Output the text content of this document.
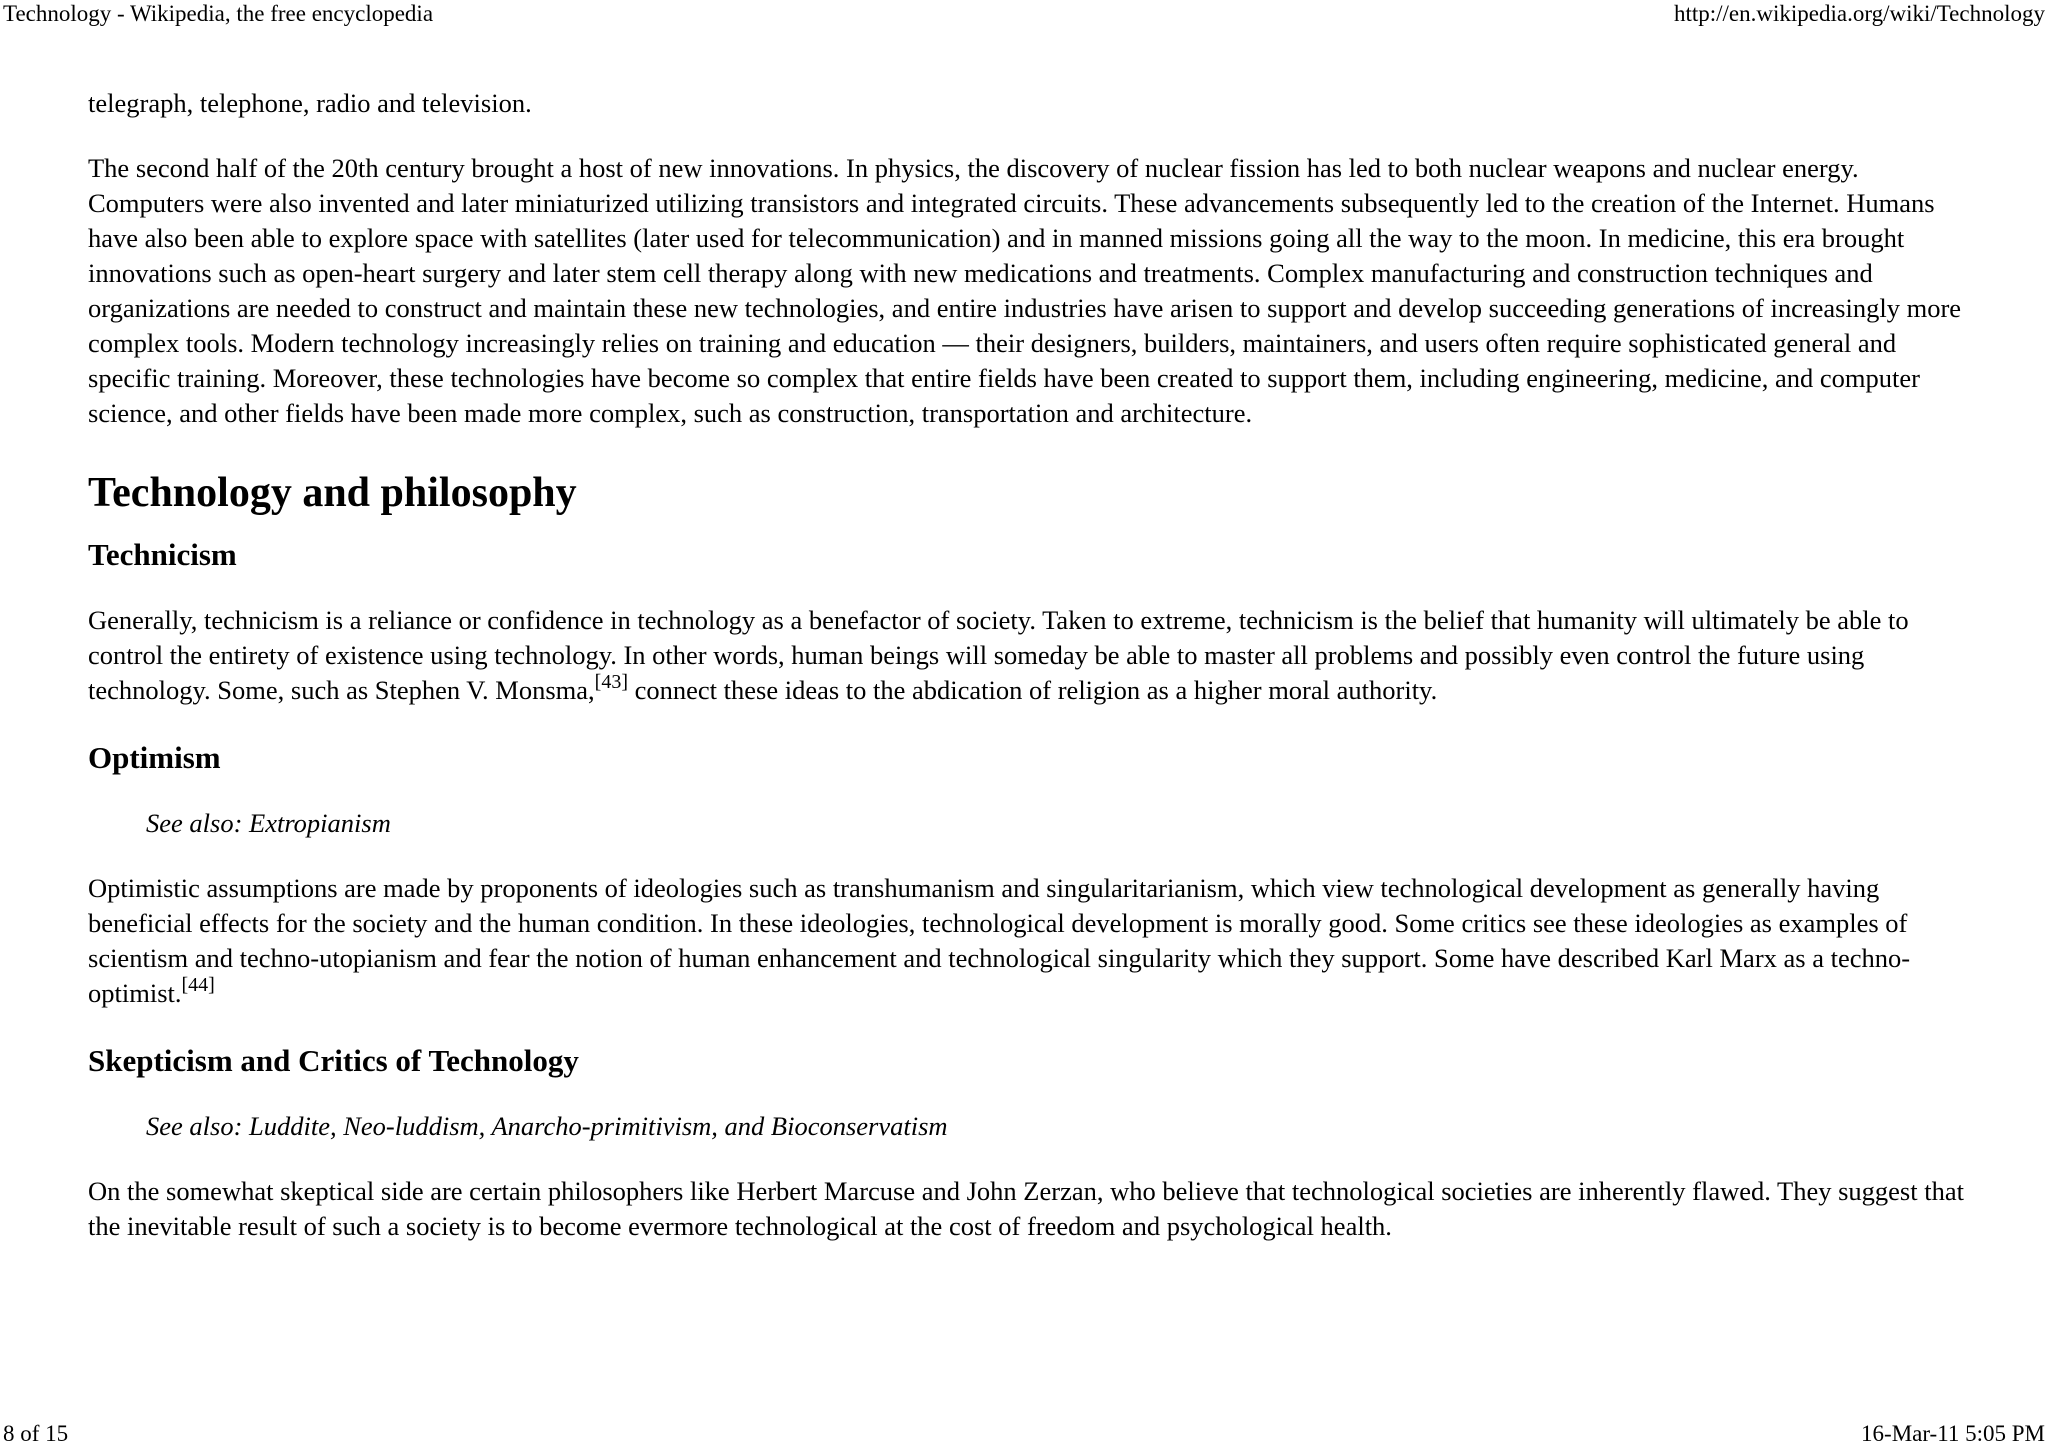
Technology - Wikipedia, the free encyclopedia	http://en.wikipedia.org/wiki/Technology

telegraph, telephone, radio and television.

The second half of the 20th century brought a host of new innovations. In physics, the discovery of nuclear fission has led to both nuclear weapons and nuclear energy. Computers were also invented and later miniaturized utilizing transistors and integrated circuits. These advancements subsequently led to the creation of the Internet. Humans have also been able to explore space with satellites (later used for telecommunication) and in manned missions going all the way to the moon. In medicine, this era brought innovations such as open-heart surgery and later stem cell therapy along with new medications and treatments. Complex manufacturing and construction techniques and organizations are needed to construct and maintain these new technologies, and entire industries have arisen to support and develop succeeding generations of increasingly more complex tools. Modern technology increasingly relies on training and education — their designers, builders, maintainers, and users often require sophisticated general and specific training. Moreover, these technologies have become so complex that entire fields have been created to support them, including engineering, medicine, and computer science, and other fields have been made more complex, such as construction, transportation and architecture.

Technology and philosophy
Technicism

Generally, technicism is a reliance or confidence in technology as a benefactor of society. Taken to extreme, technicism is the belief that humanity will ultimately be able to control the entirety of existence using technology. In other words, human beings will someday be able to master all problems and possibly even control the future using technology. Some, such as Stephen V. Monsma,[43] connect these ideas to the abdication of religion as a higher moral authority.

Optimism
See also: Extropianism

Optimistic assumptions are made by proponents of ideologies such as transhumanism and singularitarianism, which view technological development as generally having beneficial effects for the society and the human condition. In these ideologies, technological development is morally good. Some critics see these ideologies as examples of scientism and techno-utopianism and fear the notion of human enhancement and technological singularity which they support. Some have described Karl Marx as a techno-optimist.[44]

Skepticism and Critics of Technology
See also: Luddite, Neo-luddism, Anarcho-primitivism, and Bioconservatism

On the somewhat skeptical side are certain philosophers like Herbert Marcuse and John Zerzan, who believe that technological societies are inherently flawed. They suggest that the inevitable result of such a society is to become evermore technological at the cost of freedom and psychological health.

8 of 15	16-Mar-11 5:05 PM
